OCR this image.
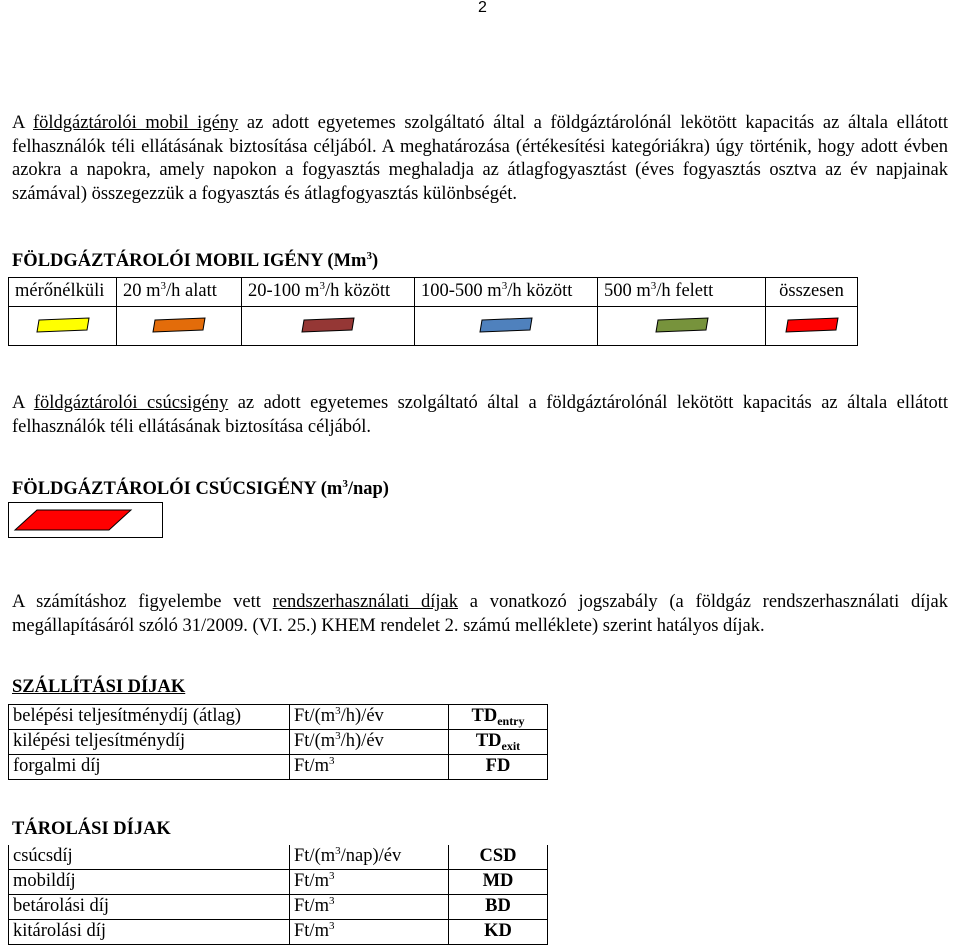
2
A földgáztárolói mobil igény az adott egyetemes szolgáltató által a földgáztárolónál lekötött kapacitás az általa ellátott felhasználók téli ellátásának biztosítása céljából. A meghatározása (értékesítési kategóriákra) úgy történik, hogy adott évben azokra a napokra, amely napokon a fogyasztás meghaladja az átlagfogyasztást (éves fogyasztás osztva az év napjainak számával) összegezzük a fogyasztás és átlagfogyasztás különbségét.
FÖLDGÁZTÁROLÓI MOBIL IGÉNY (Mm$^3$)
mérőnélküli	20 $m^3/h$ alatt	20-100 $m^3/h$ között	100-500 $m^3/h$ között	500 $m^3/h$ felett	összesen

A földgáztárolói csúcsigény az adott egyetemes szolgáltató által a földgáztárolónál lekötött kapacitás az általa ellátott felhasználók téli ellátásának biztosítása céljából.
FÖLDGÁZTÁROLÓI CSÚCSIGÉNY $(m^3/nap)$
A számításhoz figyelembe vett rendszerhasználati díjak a vonatkozó jogszabály (a földgáz rendszerhasználati díjak megállapításáról szóló 31/2009. (VI. 25.) KHEM rendelet 2. számú melléklete) szerint hatályos díjak.
SZÁLLÍTÁSI DÍJAK
belépési teljesítménydíj (átlag)	$Ft/(m^3/h)/év$	$TD_{entry}$
kilépési teljesítménydíj	$Ft/(m^3/h)/év$	$TD_{exit}$
forgalmi díj	$Ft/m^3$	FD
TÁROLÁSI DÍJAK
csúcsdíj	$Ft/(m^3/nap)/év$	CSD
mobildíj	$Ft/m^3$	MD
betárolási díj	$Ft/m^3$	BD
kitárolási díj	$Ft/m^3$	KD
